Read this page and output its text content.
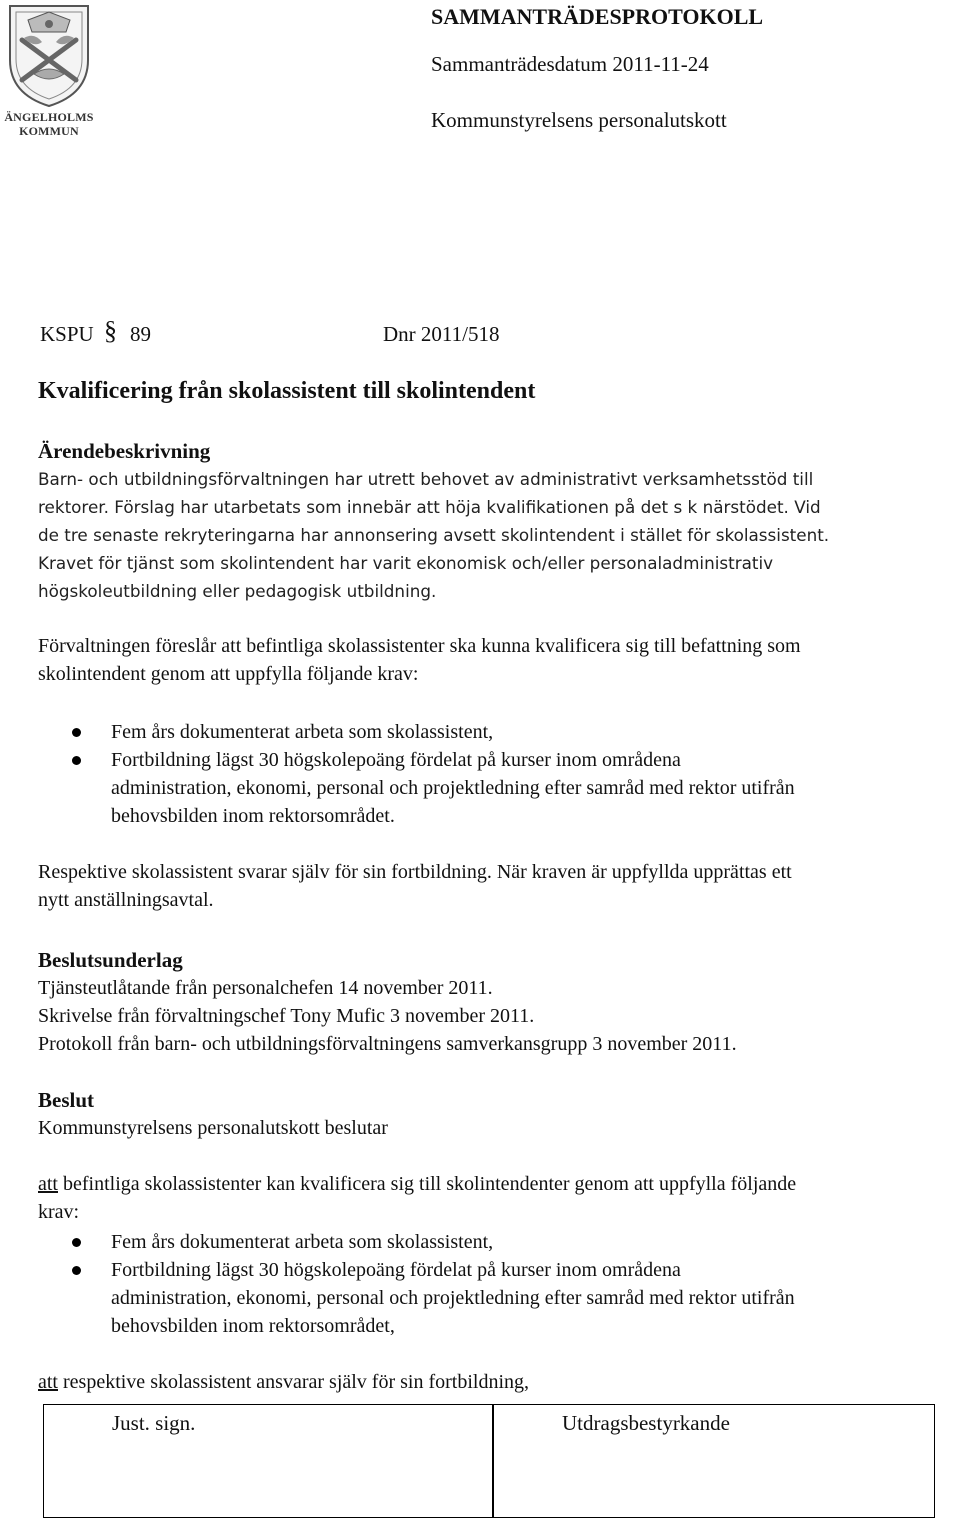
ÄNGELHOLMS
KOMMUN
SAMMANTRÄDESPROTOKOLL
Sammanträdesdatum 2011-11-24
Kommunstyrelsens personalutskott
KSPU § 89	Dnr 2011/518
Kvalificering från skolassistent till skolintendent
Ärendebeskrivning
Barn- och utbildningsförvaltningen har utrett behovet av administrativt verksamhetsstöd till
rektorer. Förslag har utarbetats som innebär att höja kvalifikationen på det s k närstödet. Vid
de tre senaste rekryteringarna har annonsering avsett skolintendent i stället för skolassistent.
Kravet för tjänst som skolintendent har varit ekonomisk och/eller personaladministrativ
högskoleutbildning eller pedagogisk utbildning.
Förvaltningen föreslår att befintliga skolassistenter ska kunna kvalificera sig till befattning som
skolintendent genom att uppfylla följande krav:
Fem års dokumenterat arbeta som skolassistent,
Fortbildning lägst 30 högskolepoäng fördelat på kurser inom områdena
administration, ekonomi, personal och projektledning efter samråd med rektor utifrån
behovsbilden inom rektorsområdet.
Respektive skolassistent svarar själv för sin fortbildning. När kraven är uppfyllda upprättas ett
nytt anställningsavtal.
Beslutsunderlag
Tjänsteutlåtande från personalchefen 14 november 2011.
Skrivelse från förvaltningschef Tony Mufic 3 november 2011.
Protokoll från barn- och utbildningsförvaltningens samverkansgrupp 3 november 2011.
Beslut
Kommunstyrelsens personalutskott beslutar
att befintliga skolassistenter kan kvalificera sig till skolintendenter genom att uppfylla följande
krav:
Fem års dokumenterat arbeta som skolassistent,
Fortbildning lägst 30 högskolepoäng fördelat på kurser inom områdena
administration, ekonomi, personal och projektledning efter samråd med rektor utifrån
behovsbilden inom rektorsområdet,
att respektive skolassistent ansvarar själv för sin fortbildning,
Just. sign.	Utdragsbestyrkande
